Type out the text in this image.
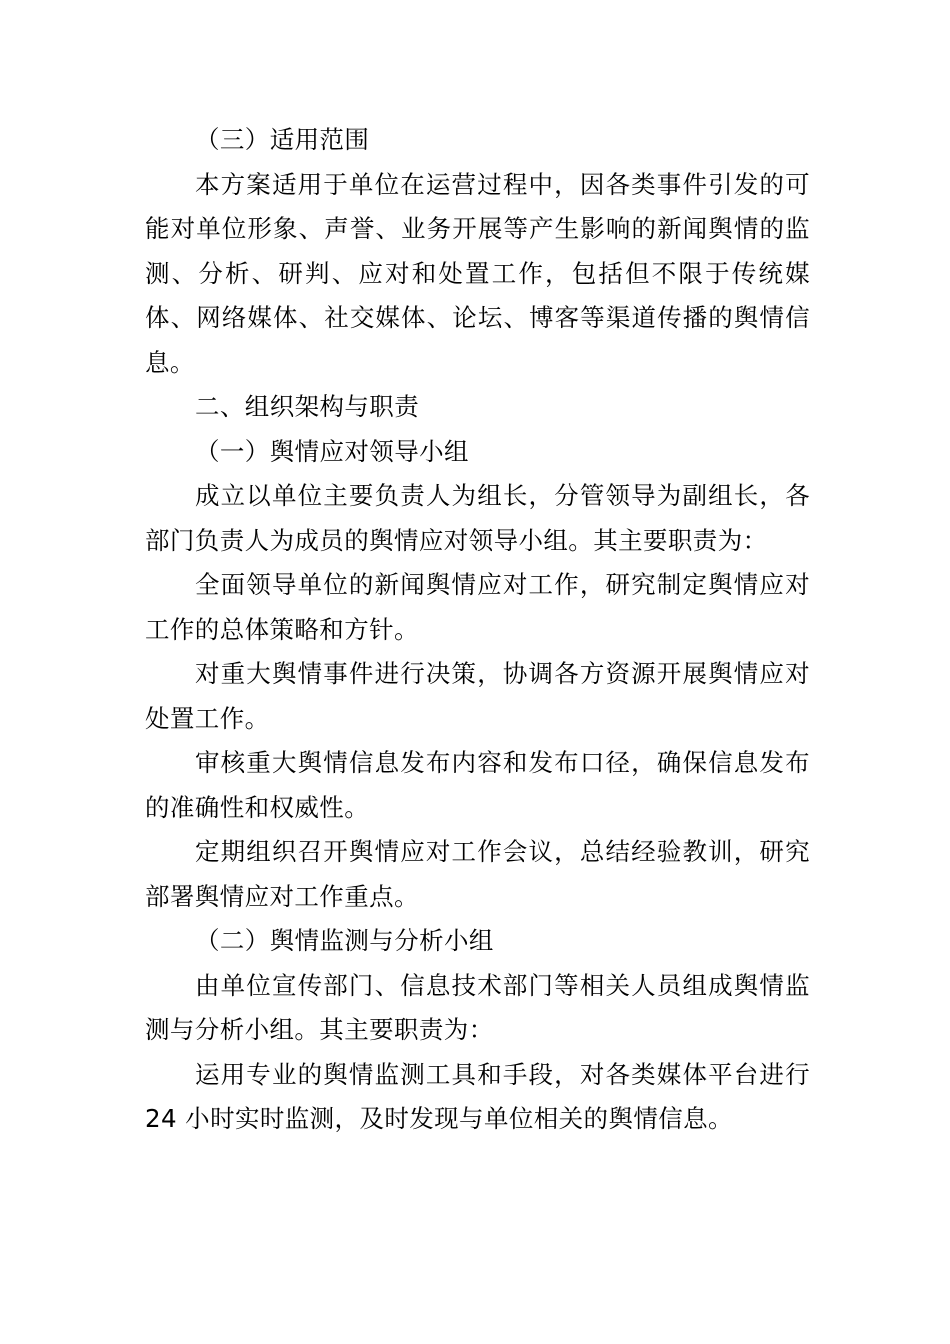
（三）适用范围

本方案适用于单位在运营过程中，因各类事件引发的可能对单位形象、声誉、业务开展等产生影响的新闻舆情的监测、分析、研判、应对和处置工作，包括但不限于传统媒体、网络媒体、社交媒体、论坛、博客等渠道传播的舆情信息。

二、组织架构与职责

（一）舆情应对领导小组

成立以单位主要负责人为组长，分管领导为副组长，各部门负责人为成员的舆情应对领导小组。其主要职责为：

全面领导单位的新闻舆情应对工作，研究制定舆情应对工作的总体策略和方针。

对重大舆情事件进行决策，协调各方资源开展舆情应对处置工作。

审核重大舆情信息发布内容和发布口径，确保信息发布的准确性和权威性。

定期组织召开舆情应对工作会议，总结经验教训，研究部署舆情应对工作重点。

（二）舆情监测与分析小组

由单位宣传部门、信息技术部门等相关人员组成舆情监测与分析小组。其主要职责为：

运用专业的舆情监测工具和手段，对各类媒体平台进行 24 小时实时监测，及时发现与单位相关的舆情信息。
